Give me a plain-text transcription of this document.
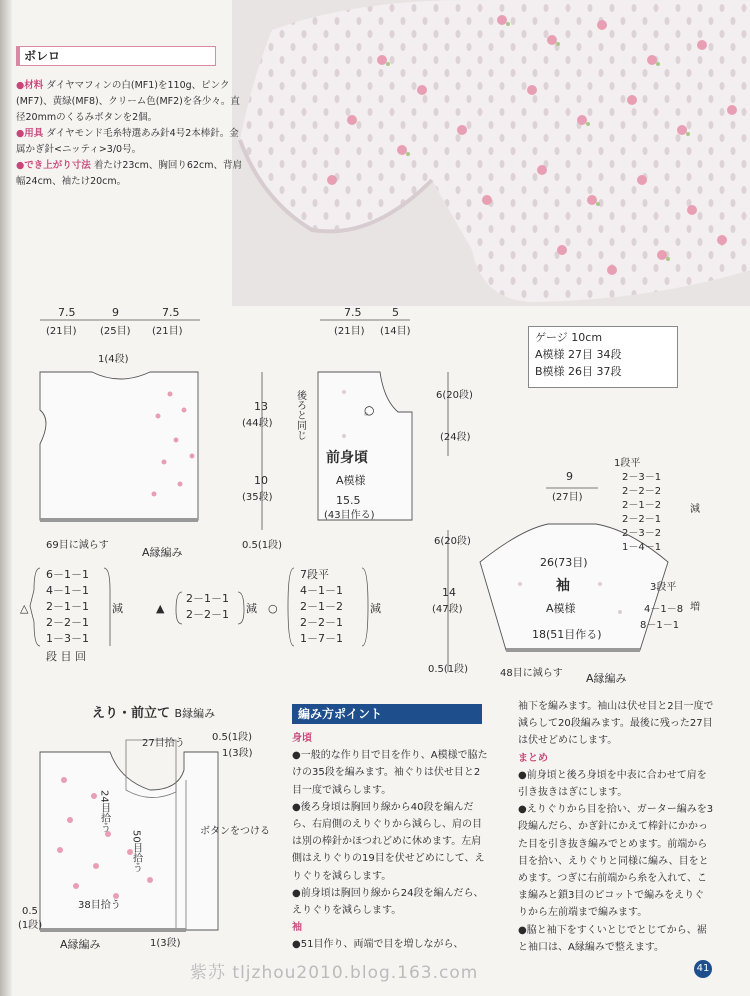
ボレロ
●材料 ダイヤマフィンの白(MF1)を110g、ピンク(MF7)、黄緑(MF8)、クリーム色(MF2)を各少々。直径20mmのくるみボタンを2個。
●用具 ダイヤモンド毛糸特選あみ針4号2本棒針。金属かぎ針<ニッティ>3/0号。
●でき上がり寸法 着たけ23cm、胸回り62cm、背肩幅24cm、袖たけ20cm。
ゲージ 10cm
A模様 27目 34段
B模様 26目 37段
7.5	9	7.5
(21目) (25目) (21目)
1(4段)
69目に減らす
A縁編み
7.5	5
(21目) (14目)
○
前身頃
A模様
15.5
(43目作る)
後ろと同じ
13
(44段)
10
(35段)
0.5(1段)
6(20段)
(24段)
6(20段)
14
(47段)
0.5(1段)
9
(27目)
26(73目)
袖
A模様
18(51目作る)
48目に減らす A縁編み
1段平
2－3－1
2－2－2
2－1－2
2－2－1
2－3－2
1－4－1
減
3段平
4－1－8
8－1－1
増
△
6－1－1
4－1－1
2－1－1
2－2－1
1－3－1
減
段 目 回
▲
2－1－1
2－2－1 減 ○
7段平
4－1－1
2－1－2
2－2－1
1－7－1
減
27目拾う
0.5(1段)
1(3段)
ボタンをつける
38目拾う
0.5
(1段)
1(3段)
A縁編み
24目拾う
50目拾う
えり・前立て B縁編み	編み方ポイント

身頃

●一般的な作り目で目を作り、A模様で脇たけの35段を編みます。袖ぐりは伏せ目と2目一度で減らします。

●後ろ身頃は胸回り線から40段を編んだら、右肩側のえりぐりから減らし、肩の目は別の棒針かほつれどめに休めます。左肩側はえりぐりの19目を伏せどめにして、えりぐりを減らします。

●前身頃は胸回り線から24段を編んだら、えりぐりを減らします。

袖

●51目作り、両端で目を増しながら、

袖下を編みます。袖山は伏せ目と2目一度で減らして20段編みます。最後に残った27目は伏せどめにします。

まとめ

●前身頃と後ろ身頃を中表に合わせて肩を引き抜きはぎにします。

●えりぐりから目を拾い、ガーター編みを3段編んだら、かぎ針にかえて棒針にかかった目を引き抜き編みでとめます。前端から目を拾い、えりぐりと同様に編み、目をとめます。つぎに右前端から糸を入れて、こま編みと鎖3目のピコットで編みをえりぐりから左前端まで編みます。

●脇と袖下をすくいとじでとじてから、裾と袖口は、A縁編みで整えます。

紫苏 tljzhou2010.blog.163.com	41
